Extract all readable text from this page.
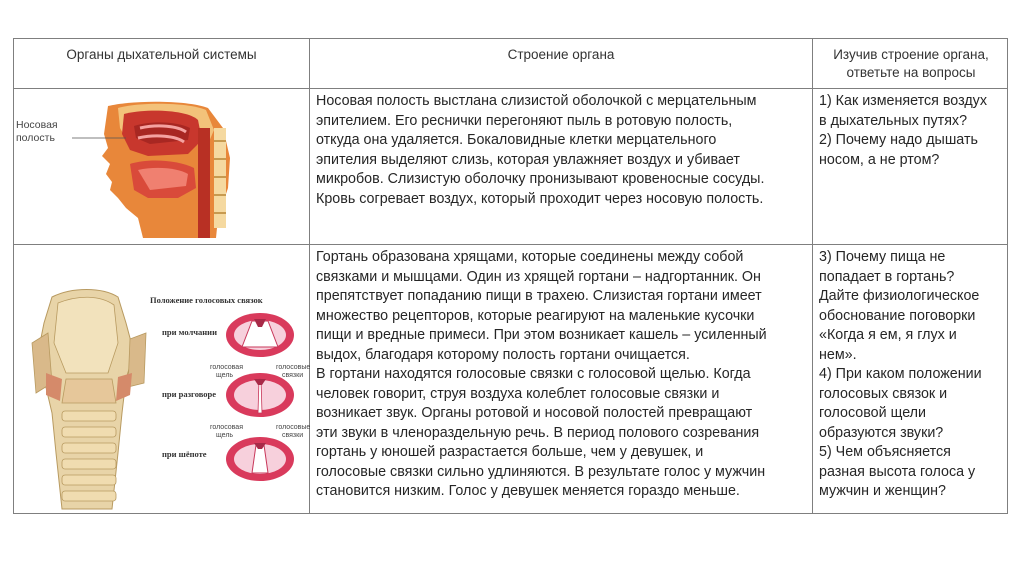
Органы дыхательной системы	Строение органа	Изучив строение органа,
ответьте на вопросы
Носовая
полость
Носовая полость выстлана слизистой оболочкой с мерцательным
эпителием. Его реснички перегоняют пыль в ротовую полость,
откуда она удаляется. Бокаловидные клетки мерцательного
эпителия выделяют слизь, которая увлажняет воздух и убивает
микробов. Слизистую оболочку пронизывают кровеносные сосуды.
Кровь согревает воздух, который проходит через носовую полость.
1) Как изменяется воздух
в дыхательных путях?
2) Почему надо дышать
носом, а не ртом?
Положение голосовых связок
при молчании
при разговоре
при шёпоте
голосовая
щель
голосовые
связки
голосовая
щель
голосовые
связки
Гортань образована хрящами, которые соединены между собой
связками и мышцами. Один из хрящей гортани – надгортанник. Он
препятствует попаданию пищи в трахею. Слизистая гортани имеет
множество рецепторов, которые реагируют на маленькие кусочки
пищи и вредные примеси. При этом возникает кашель – усиленный
выдох, благодаря которому полость гортани очищается.
В гортани находятся голосовые связки с голосовой щелью. Когда
человек говорит, струя воздуха колеблет голосовые связки и
возникает звук. Органы ротовой и носовой полостей превращают
эти звуки в членораздельную речь. В период полового созревания
гортань у юношей разрастается больше, чем у девушек, и
голосовые связки сильно удлиняются. В результате голос у мужчин
становится низким. Голос у девушек меняется гораздо меньше.
3) Почему пища не
попадает в гортань?
Дайте физиологическое
обоснование поговорки
«Когда я ем, я глух и
нем».
4) При каком положении
голосовых связок и
голосовой щели
образуются звуки?
5) Чем объясняется
разная высота голоса у
мужчин и женщин?
